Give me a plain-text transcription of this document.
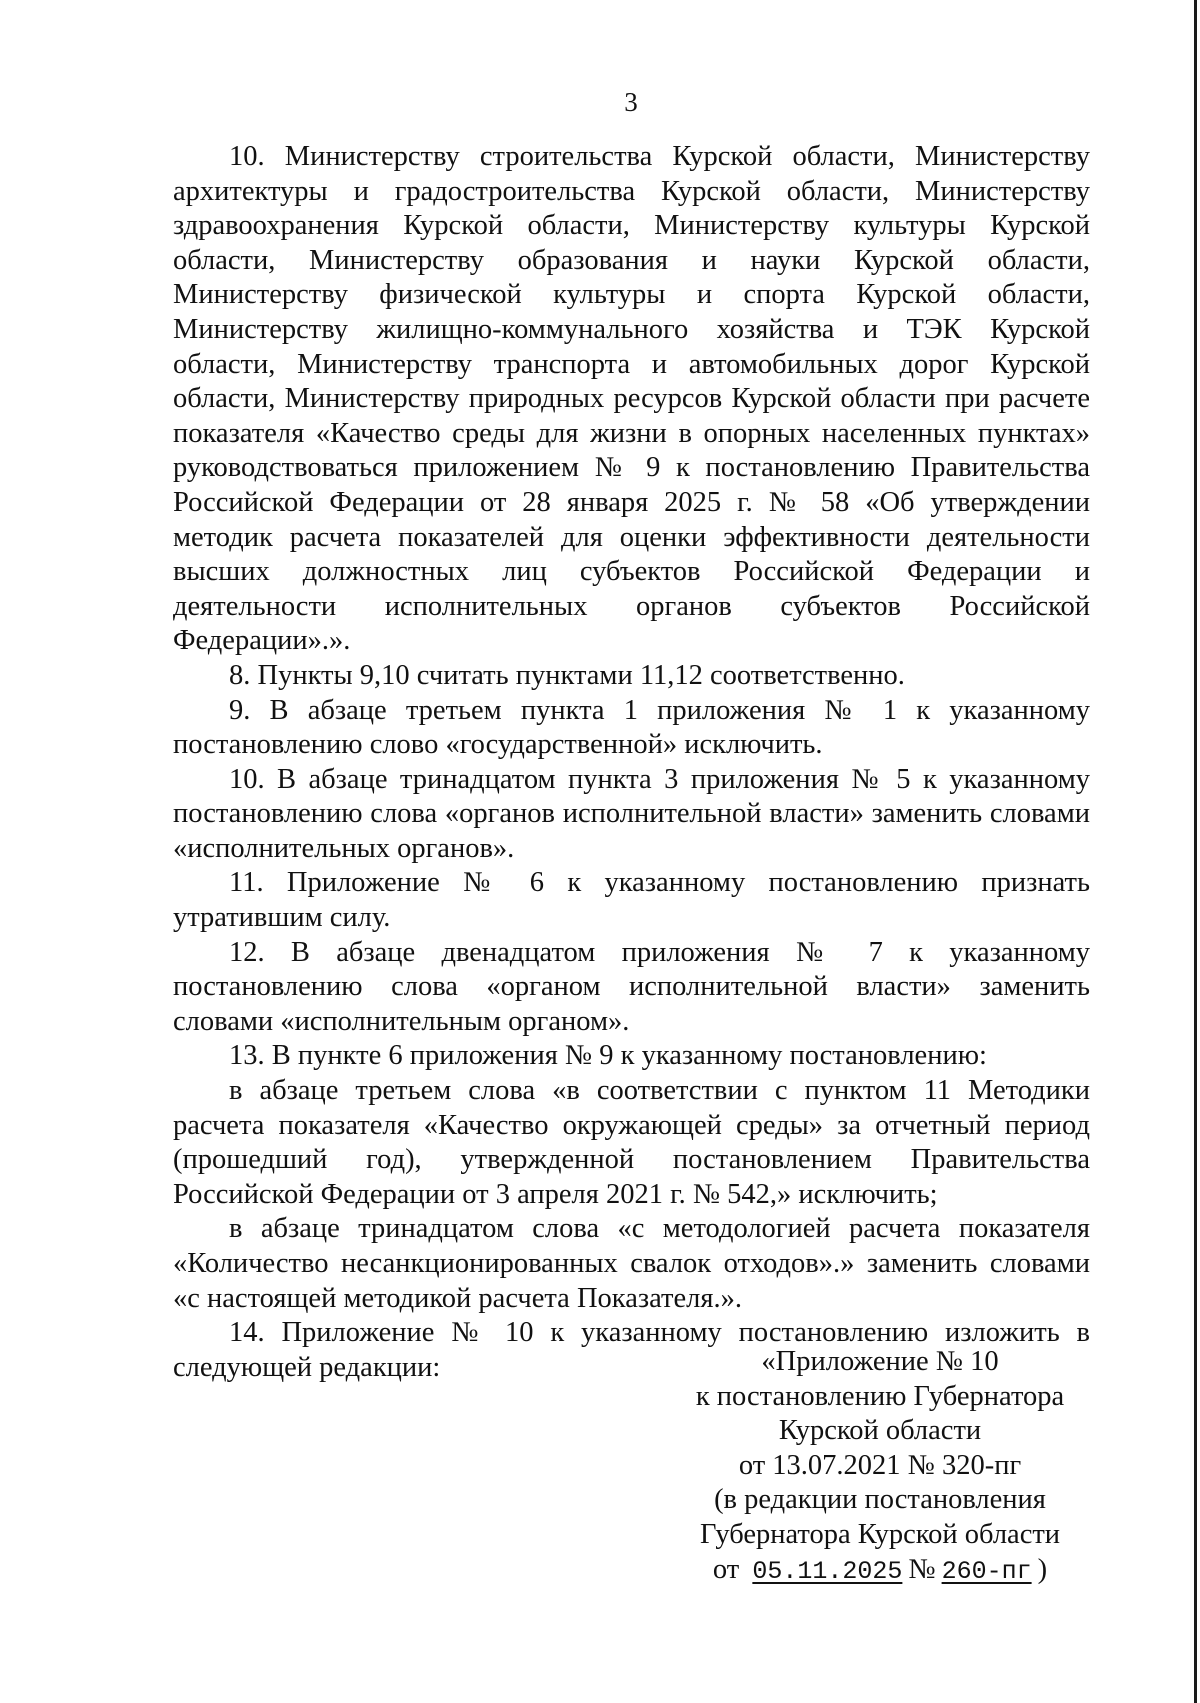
3

10. Министерству строительства Курской области, Министерству архитектуры и градостроительства Курской области, Министерству здравоохранения Курской области, Министерству культуры Курской области, Министерству образования и науки Курской области, Министерству физической культуры и спорта Курской области, Министерству жилищно-коммунального хозяйства и ТЭК Курской области, Министерству транспорта и автомобильных дорог Курской области, Министерству природных ресурсов Курской области при расчете показателя «Качество среды для жизни в опорных населенных пунктах» руководствоваться приложением № 9 к постановлению Правительства Российской Федерации от 28 января 2025 г. № 58 «Об утверждении методик расчета показателей для оценки эффективности деятельности высших должностных лиц субъектов Российской Федерации и деятельности исполнительных органов субъектов Российской Федерации».».

8. Пункты 9,10 считать пунктами 11,12 соответственно.

9. В абзаце третьем пункта 1 приложения № 1 к указанному постановлению слово «государственной» исключить.

10. В абзаце тринадцатом пункта 3 приложения № 5 к указанному постановлению слова «органов исполнительной власти» заменить словами «исполнительных органов».

11. Приложение № 6 к указанному постановлению признать утратившим силу.

12. В абзаце двенадцатом приложения № 7 к указанному постановлению слова «органом исполнительной власти» заменить словами «исполнительным органом».

13. В пункте 6 приложения № 9 к указанному постановлению:

в абзаце третьем слова «в соответствии с пунктом 11 Методики расчета показателя «Качество окружающей среды» за отчетный период (прошедший год), утвержденной постановлением Правительства Российской Федерации от 3 апреля 2021 г. № 542,» исключить;

в абзаце тринадцатом слова «с методологией расчета показателя «Количество несанкционированных свалок отходов».» заменить словами «с настоящей методикой расчета Показателя.».

14. Приложение № 10 к указанному постановлению изложить в следующей редакции:	«Приложение № 10
к постановлению Губернатора
Курской области
от 13.07.2021 № 320-пг
(в редакции постановления
Губернатора Курской области
от 05.11.2025 № 260-пг )
